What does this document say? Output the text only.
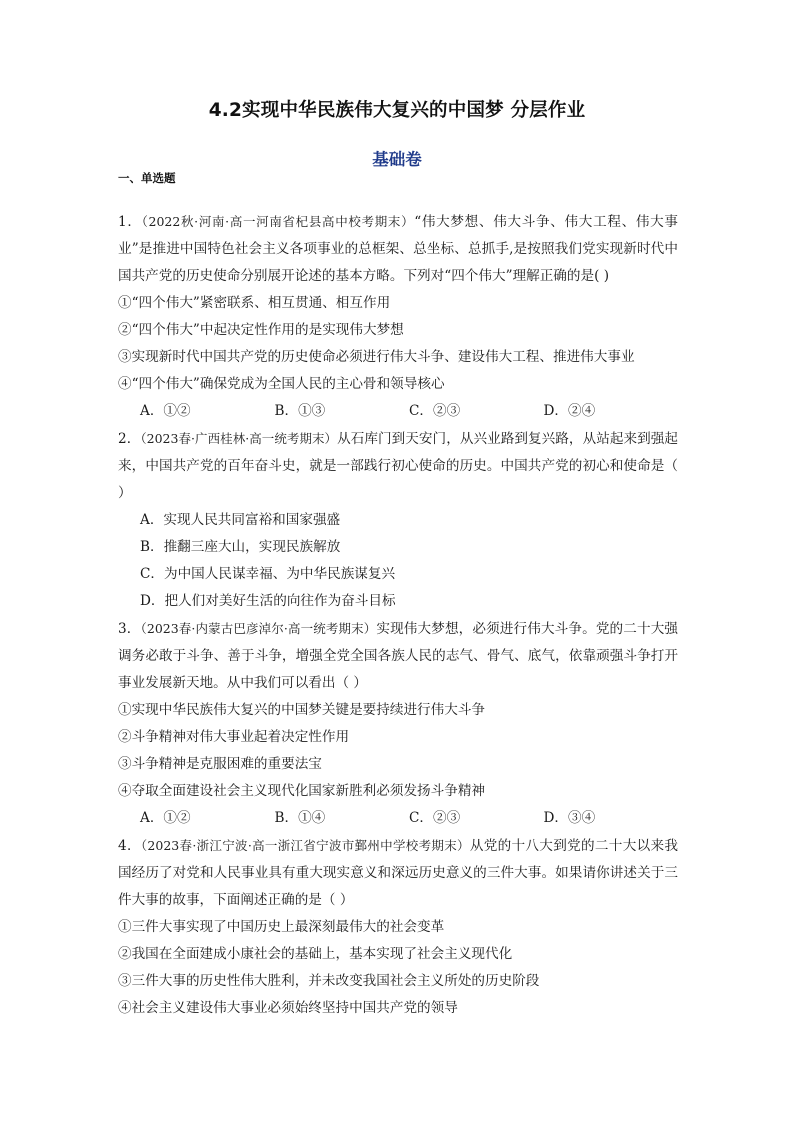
4.2实现中华民族伟大复兴的中国梦 分层作业
基础卷
一、单选题

1．（2022秋·河南·高一河南省杞县高中校考期末）“伟大梦想、伟大斗争、伟大工程、伟大事业”是推进中国特色社会主义各项事业的总框架、总坐标、总抓手,是按照我们党实现新时代中国共产党的历史使命分别展开论述的基本方略。下列对“四个伟大”理解正确的是( )

①“四个伟大”紧密联系、相互贯通、相互作用

②“四个伟大”中起决定性作用的是实现伟大梦想

③实现新时代中国共产党的历史使命必须进行伟大斗争、建设伟大工程、推进伟大事业

④“四个伟大”确保党成为全国人民的主心骨和领导核心

A．①②	B．①③	C．②③	D．②④

2．（2023春·广西桂林·高一统考期末）从石库门到天安门，从兴业路到复兴路，从站起来到强起来，中国共产党的百年奋斗史，就是一部践行初心使命的历史。中国共产党的初心和使命是（ ）

A．实现人民共同富裕和国家强盛
B．推翻三座大山，实现民族解放
C．为中国人民谋幸福、为中华民族谋复兴
D．把人们对美好生活的向往作为奋斗目标

3．（2023春·内蒙古巴彦淖尔·高一统考期末）实现伟大梦想，必须进行伟大斗争。党的二十大强调务必敢于斗争、善于斗争，增强全党全国各族人民的志气、骨气、底气，依靠顽强斗争打开事业发展新天地。从中我们可以看出（ ）

①实现中华民族伟大复兴的中国梦关键是要持续进行伟大斗争

②斗争精神对伟大事业起着决定性作用

③斗争精神是克服困难的重要法宝

④夺取全面建设社会主义现代化国家新胜利必须发扬斗争精神

A．①②	B．①④	C．②③	D．③④

4．（2023春·浙江宁波·高一浙江省宁波市鄞州中学校考期末）从党的十八大到党的二十大以来我国经历了对党和人民事业具有重大现实意义和深远历史意义的三件大事。如果请你讲述关于三件大事的故事，下面阐述正确的是（ ）

①三件大事实现了中国历史上最深刻最伟大的社会变革

②我国在全面建成小康社会的基础上，基本实现了社会主义现代化

③三件大事的历史性伟大胜利，并未改变我国社会主义所处的历史阶段

④社会主义建设伟大事业必须始终坚持中国共产党的领导
